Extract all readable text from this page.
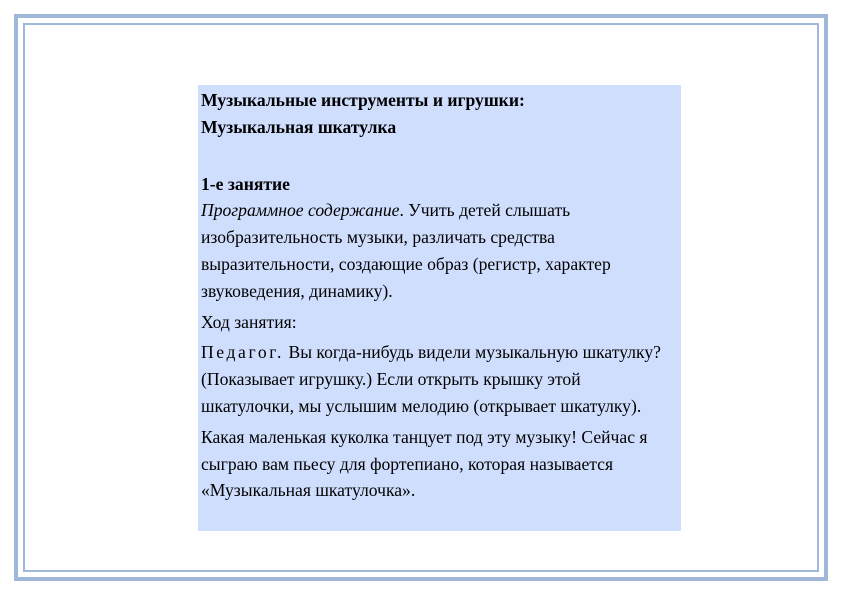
Музыкальные инструменты и игрушки:

Музыкальная шкатулка

1-е занятие

Программное содержание. Учить детей слышать изобразительность музыки, различать средства выразительности, создающие образ (регистр, характер звуковедения, динамику).

Ход занятия:

Педагог. Вы когда-нибудь видели музыкальную шкатулку? (Показывает игрушку.) Если открыть крышку этой шкатулочки, мы услышим мелодию (открывает шкатулку).

Какая маленькая куколка танцует под эту музыку! Сейчас я сыграю вам пьесу для фортепиано, которая называется «Музыкальная шкатулочка».
